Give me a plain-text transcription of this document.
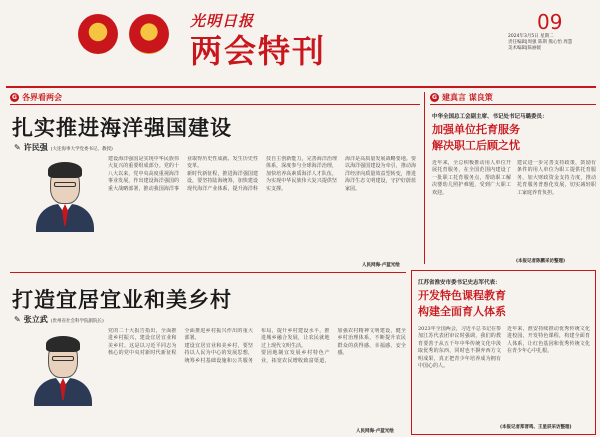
光明日报
两会特刊
09
2024年3月5日 星期二
责任编辑|周强 陈斯 熊心怡 周慧
美术编辑|陈丽媛
G 各界看两会
扎实推进海洋强国建设
✎ 许民强 (大连海事大学党委书记、教授)

建设海洋强国是实现中华民族伟大复兴的重要组成部分。党的十八大以来，党中央高度重视海洋事业发展，作出建设海洋强国的重大战略部署，推动我国海洋事业取得历史性成就、发生历史性变革。

新时代新征程，推进海洋强国建设，要坚持陆海统筹，加快建设现代海洋产业体系，提升海洋科技自主创新能力，完善海洋治理体系，深度参与全球海洋治理，加快培养高素质海洋人才队伍，为实现中华民族伟大复兴提供坚实支撑。

海洋是高质量发展战略要地。要以海洋强国建设为牵引，推动海洋经济向质量效益型转变，推进海洋生态文明建设，守护好蔚蓝家园。

人民网海·卢蓝光绘
打造宜居宜业和美乡村
✎ 张立武 (贵州省社会科学院副院长)

党的二十大报告指出，全面推进乡村振兴，建设宜居宜业和美乡村。这是以习近平同志为核心的党中央对新时代新征程全面推进乡村振兴作出的重大部署。

建设宜居宜业和美乡村，要坚持以人民为中心的发展思想，统筹乡村基础设施和公共服务布局，提升乡村建设水平，推进城乡融合发展，让农民就地过上现代文明生活。

要因地制宜发展乡村特色产业，拓宽农民增收致富渠道，加强农村精神文明建设，健全乡村治理体系，不断提升农民群众的获得感、幸福感、安全感。

人民网海·卢蓝光绘
G 建真言 谋良策
中华全国总工会副主席、书记处书记马璐委员：
加强单位托育服务
解决职工后顾之忧

近年来，全总积极推动用人单位开展托育服务，在全国范围内建设了一批职工托育服务点，帮助职工解决婴幼儿照护难题，受到广大职工欢迎。

建议进一步完善支持政策，鼓励有条件的用人单位为职工提供托育服务，加大财政资金支持力度，推动托育服务普惠化发展，切实减轻职工家庭养育负担。

(本报记者陈鹏采访整理)
江苏省淮安市委书记史志军代表：
开发特色课程教育
构建全面育人体系

2023年全国两会，习近平总书记在参加江苏代表团审议时强调，我们的教育要善于从五千年中华传统文化中汲取优秀的东西，同时也不摒弃西方文明成果，真正把青少年培养成为拥有中国心的人。

近年来，淮安持续推动优秀传统文化进校园，开发特色课程，构建全面育人体系，让红色基因和优秀传统文化在青少年心中扎根。

(本报记者郑晋鸣、王星辰采访整理)
